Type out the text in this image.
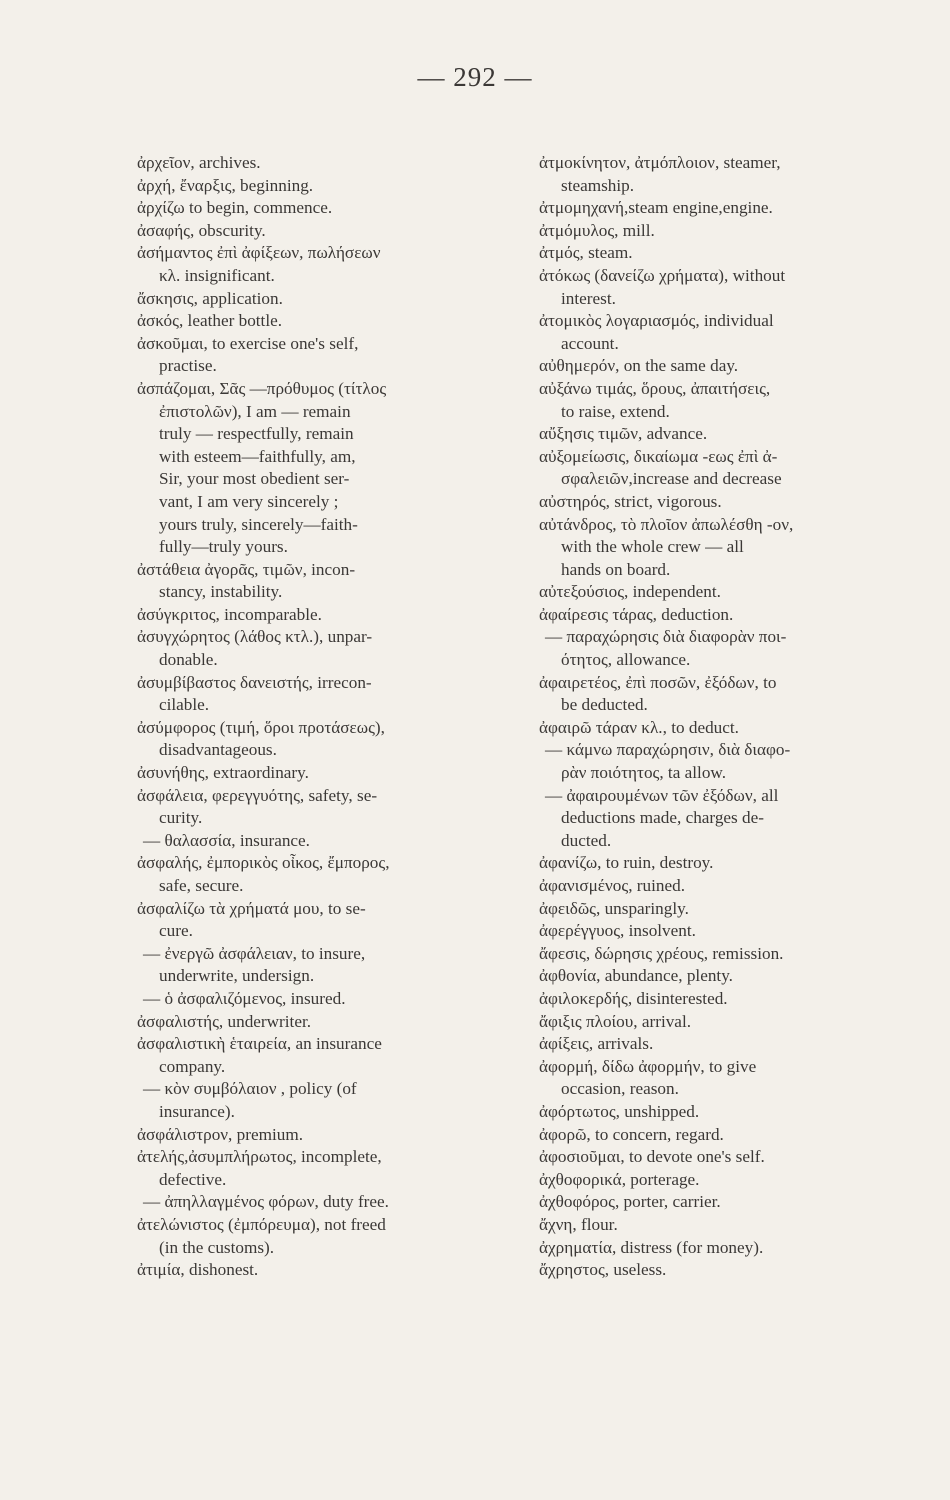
— 292 —
ἀρχεῖον, archives.
ἀρχή, ἔναρξις, beginning.
ἀρχίζω to begin, commence.
ἀσαφής, obscurity.
ἀσήμαντος ἐπὶ ἀφίξεων, πωλήσεων
κλ. insignificant.
ἄσκησις, application.
ἀσκός, leather bottle.
ἀσκοῦμαι, to exercise one's self,
practise.
ἀσπάζομαι, Σᾶς —πρόθυμος (τίτλος
ἐπιστολῶν), I am — remain
truly — respectfully, remain
with esteem—faithfully, am,
Sir, your most obedient ser-
vant, I am very sincerely ;
yours truly, sincerely—faith-
fully—truly yours.
ἀστάθεια ἀγορᾶς, τιμῶν, incon-
stancy, instability.
ἀσύγκριτος, incomparable.
ἀσυγχώρητος (λάθος κτλ.), unpar-
donable.
ἀσυμβίβαστος δανειστής, irrecon-
cilable.
ἀσύμφορος (τιμή, ὅροι προτάσεως),
disadvantageous.
ἀσυνήθης, extraordinary.
ἀσφάλεια, φερεγγυότης, safety, se-
curity.
— θαλασσία, insurance.
ἀσφαλής, ἐμπορικὸς οἶκος, ἔμπορος,
safe, secure.
ἀσφαλίζω τὰ χρήματά μου, to se-
cure.
— ἐνεργῶ ἀσφάλειαν, to insure,
underwrite, undersign.
— ὁ ἀσφαλιζόμενος, insured.
ἀσφαλιστής, underwriter.
ἀσφαλιστικὴ ἑταιρεία, an insurance
company.
— κὸν συμβόλαιον , policy (of
insurance).
ἀσφάλιστρον, premium.
ἀτελής,ἀσυμπλήρωτος, incomplete,
defective.
— ἀπηλλαγμένος φόρων, duty free.
ἀτελώνιστος (ἐμπόρευμα), not freed
(in the customs).
ἀτιμία, dishonest.
ἀτμοκίνητον, ἀτμόπλοιον, steamer,
steamship.
ἀτμομηχανή,steam engine,engine.
ἀτμόμυλος, mill.
ἀτμός, steam.
ἀτόκως (δανείζω χρήματα), without
interest.
ἀτομικὸς λογαριασμός, individual
account.
αὐθημερόν, on the same day.
αὐξάνω τιμάς, ὅρους, ἀπαιτήσεις,
to raise, extend.
αὔξησις τιμῶν, advance.
αὐξομείωσις, δικαίωμα -εως ἐπὶ ἀ-
σφαλειῶν,increase and decrease
αὐστηρός, strict, vigorous.
αὐτάνδρος, τὸ πλοῖον ἀπωλέσθη -ον,
with the whole crew — all
hands on board.
αὐτεξούσιος, independent.
ἀφαίρεσις τάρας, deduction.
— παραχώρησις διὰ διαφορὰν ποι-
ότητος, allowance.
ἀφαιρετέος, ἐπὶ ποσῶν, ἐξόδων, to
be deducted.
ἀφαιρῶ τάραν κλ., to deduct.
— κάμνω παραχώρησιν, διὰ διαφο-
ρὰν ποιότητος, ta allow.
— ἀφαιρουμένων τῶν ἐξόδων, all
deductions made, charges de-
ducted.
ἀφανίζω, to ruin, destroy.
ἀφανισμένος, ruined.
ἀφειδῶς, unsparingly.
ἀφερέγγυος, insolvent.
ἄφεσις, δώρησις χρέους, remission.
ἀφθονία, abundance, plenty.
ἀφιλοκερδής, disinterested.
ἄφιξις πλοίου, arrival.
ἀφίξεις, arrivals.
ἀφορμή, δίδω ἀφορμήν, to give
occasion, reason.
ἀφόρτωτος, unshipped.
ἀφορῶ, to concern, regard.
ἀφοσιοῦμαι, to devote one's self.
ἀχθοφορικά, porterage.
ἀχθοφόρος, porter, carrier.
ἄχνη, flour.
ἀχρηματία, distress (for money).
ἄχρηστος, useless.
